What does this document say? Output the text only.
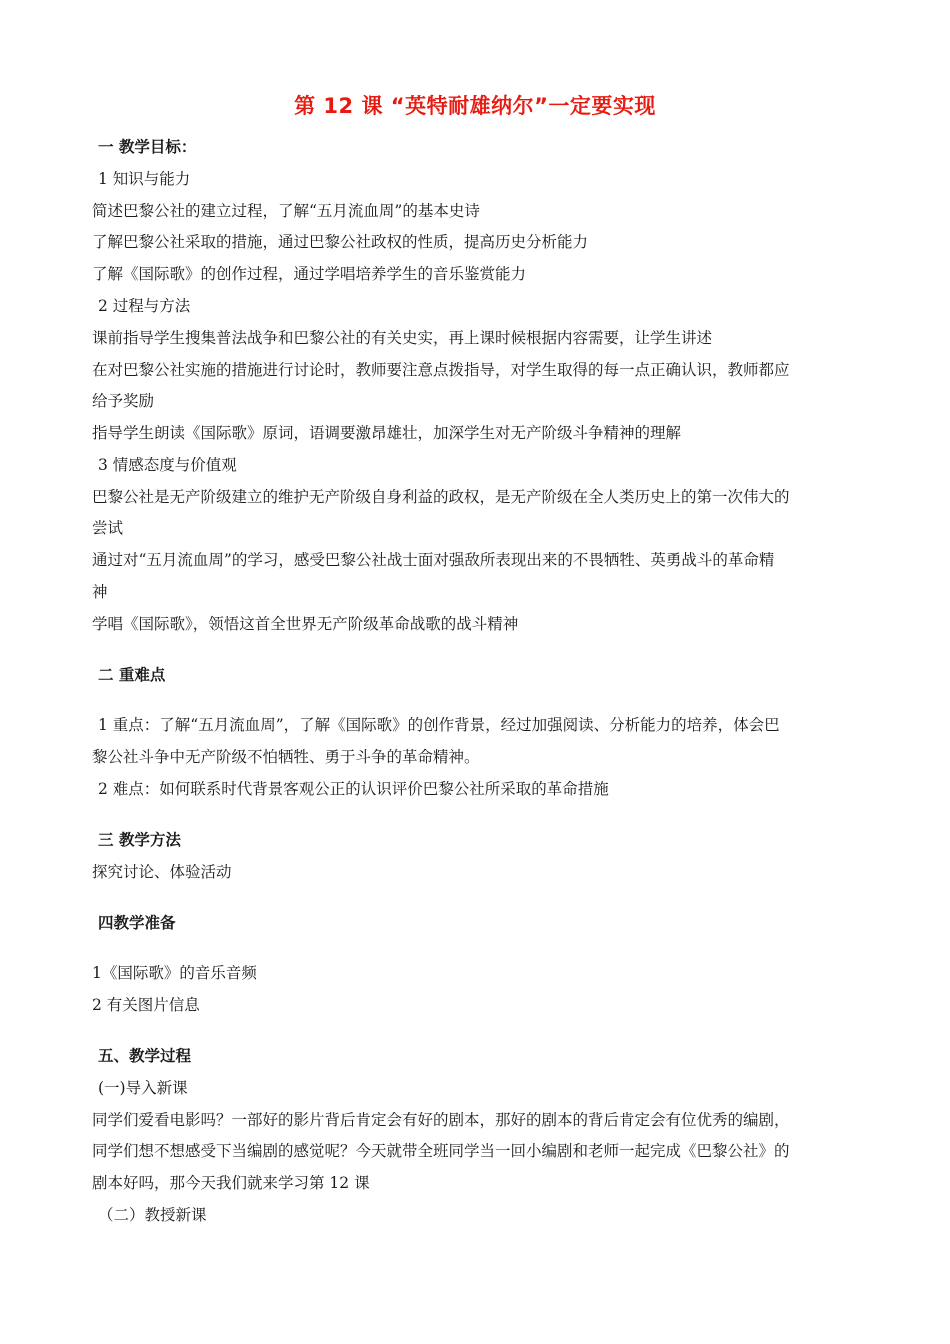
第 12 课 “英特耐雄纳尔”一定要实现
一 教学目标：
1 知识与能力
简述巴黎公社的建立过程，了解“五月流血周”的基本史诗
了解巴黎公社采取的措施，通过巴黎公社政权的性质，提高历史分析能力
了解《国际歌》的创作过程，通过学唱培养学生的音乐鉴赏能力
2 过程与方法
课前指导学生搜集普法战争和巴黎公社的有关史实，再上课时候根据内容需要，让学生讲述
在对巴黎公社实施的措施进行讨论时，教师要注意点拨指导，对学生取得的每一点正确认识，教师都应
给予奖励
指导学生朗读《国际歌》原词，语调要激昂雄壮，加深学生对无产阶级斗争精神的理解
3 情感态度与价值观
巴黎公社是无产阶级建立的维护无产阶级自身利益的政权，是无产阶级在全人类历史上的第一次伟大的
尝试
通过对“五月流血周”的学习，感受巴黎公社战士面对强敌所表现出来的不畏牺牲、英勇战斗的革命精
神
学唱《国际歌》，领悟这首全世界无产阶级革命战歌的战斗精神
二 重难点
1 重点：了解“五月流血周”，了解《国际歌》的创作背景，经过加强阅读、分析能力的培养，体会巴
黎公社斗争中无产阶级不怕牺牲、勇于斗争的革命精神。
2 难点：如何联系时代背景客观公正的认识评价巴黎公社所采取的革命措施
三 教学方法
探究讨论、体验活动
四教学准备
1《国际歌》的音乐音频
2 有关图片信息
五、教学过程
(一)导入新课
同学们爱看电影吗？一部好的影片背后肯定会有好的剧本，那好的剧本的背后肯定会有位优秀的编剧，
同学们想不想感受下当编剧的感觉呢？今天就带全班同学当一回小编剧和老师一起完成《巴黎公社》的
剧本好吗，那今天我们就来学习第 12 课
（二）教授新课
